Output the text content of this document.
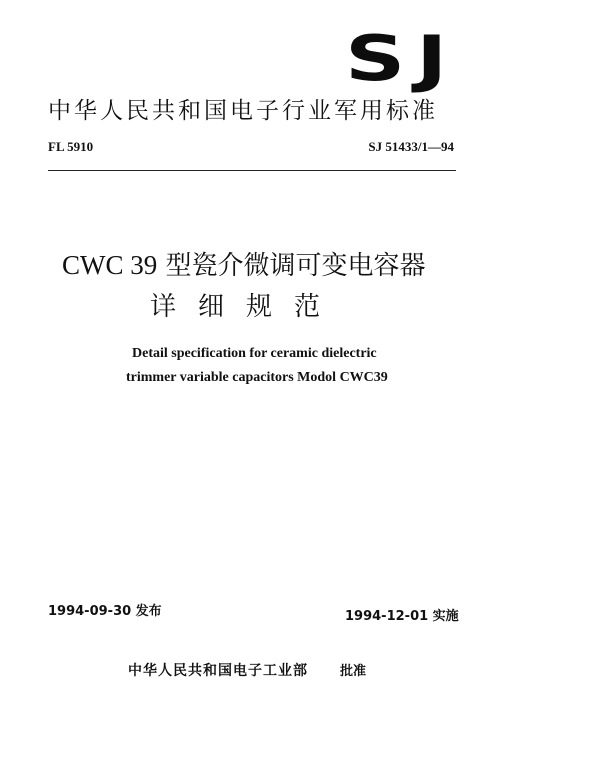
SJ
中华人民共和国电子行业军用标准
FL 5910	SJ 51433/1—94
CWC 39 型瓷介微调可变电容器
详细规范
Detail specification for ceramic dielectric
trimmer variable capacitors Modol CWC39
1994-09-30 发布	1994-12-01 实施
中华人民共和国电子工业部 批准
